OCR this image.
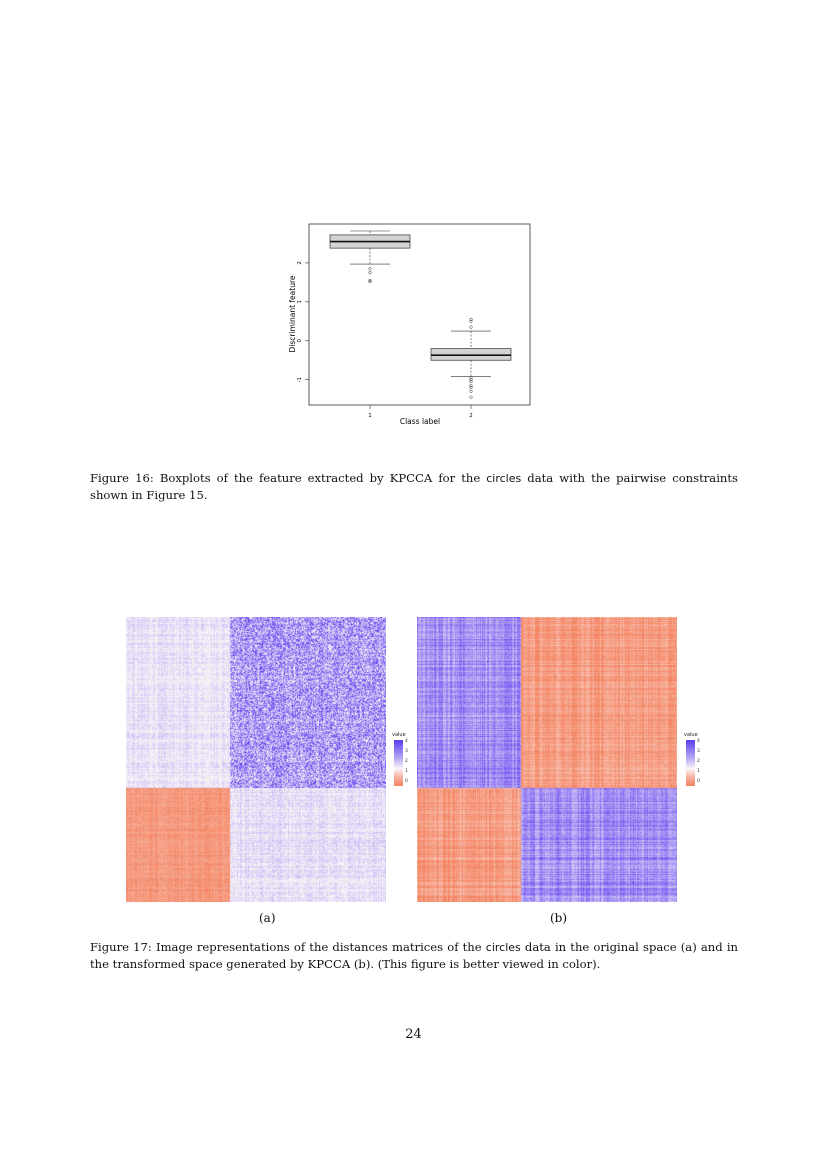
-1
0
1
2
1	2
Class label
Discriminant feature
Figure 16: Boxplots of the feature extracted by KPCCA for the circles data with the pairwise constraints shown in Figure 15.
value
4
3
2
1
0
(a)
value
4
3
2
1
0
(b)
Figure 17: Image representations of the distances matrices of the circles data in the original space (a) and in the transformed space generated by KPCCA (b). (This figure is better viewed in color).
24
